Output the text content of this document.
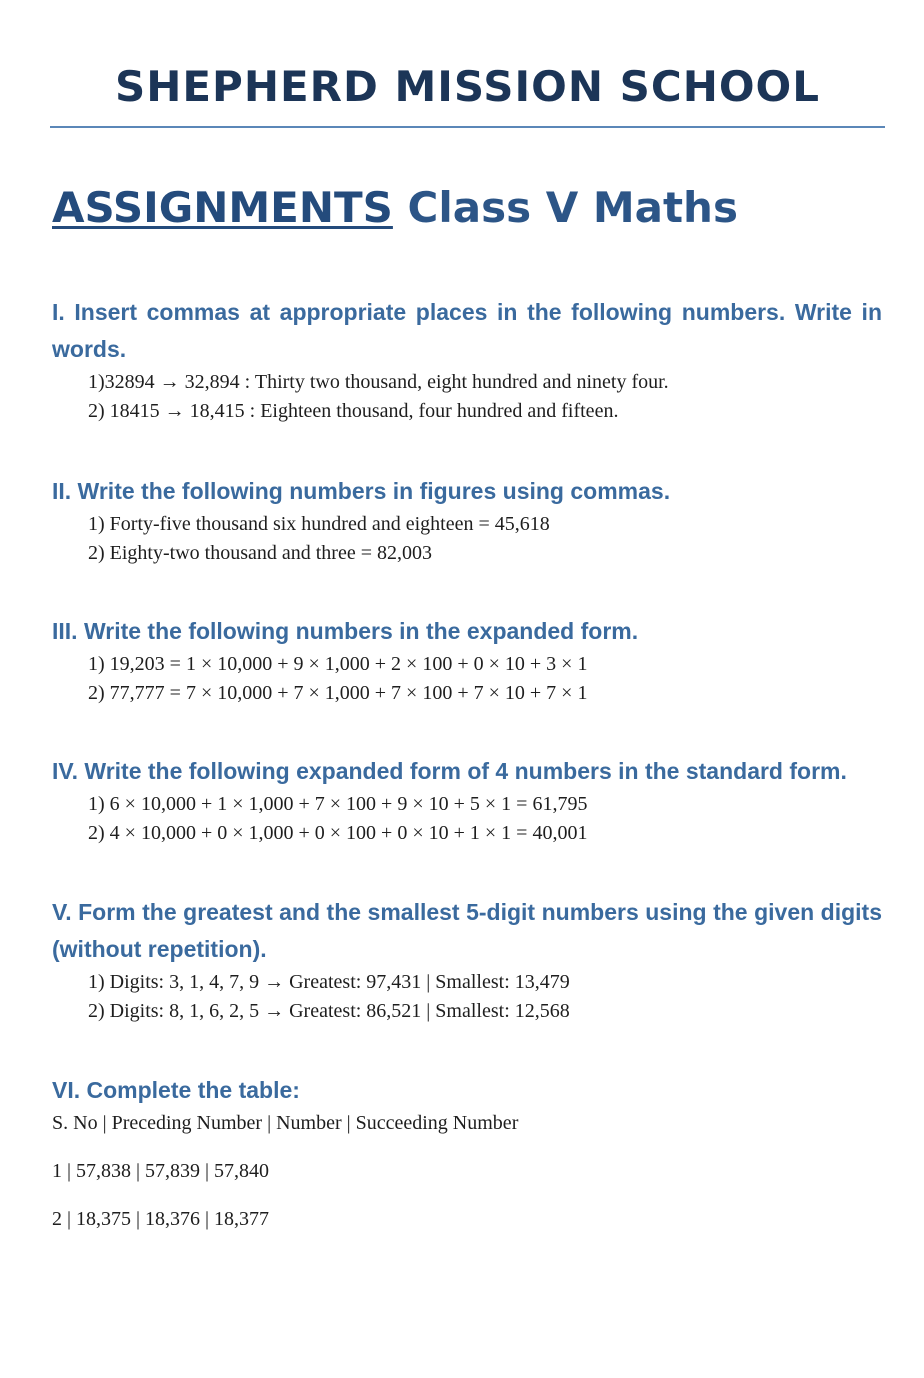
SHEPHERD MISSION SCHOOL
ASSIGNMENTS Class V Maths

I. Insert commas at appropriate places in the following numbers. Write in words.

1)32894 → 32,894 : Thirty two thousand, eight hundred and ninety four.

2) 18415 → 18,415 : Eighteen thousand, four hundred and fifteen.

II. Write the following numbers in figures using commas.

1) Forty-five thousand six hundred and eighteen = 45,618

2) Eighty-two thousand and three = 82,003

III. Write the following numbers in the expanded form.

1) 19,203 = 1 × 10,000 + 9 × 1,000 + 2 × 100 + 0 × 10 + 3 × 1

2) 77,777 = 7 × 10,000 + 7 × 1,000 + 7 × 100 + 7 × 10 + 7 × 1

IV. Write the following expanded form of 4 numbers in the standard form.

1) 6 × 10,000 + 1 × 1,000 + 7 × 100 + 9 × 10 + 5 × 1 = 61,795

2) 4 × 10,000 + 0 × 1,000 + 0 × 100 + 0 × 10 + 1 × 1 = 40,001

V. Form the greatest and the smallest 5-digit numbers using the given digits (without repetition).

1) Digits: 3, 1, 4, 7, 9 → Greatest: 97,431 | Smallest: 13,479

2) Digits: 8, 1, 6, 2, 5 → Greatest: 86,521 | Smallest: 12,568

VI. Complete the table:

S. No | Preceding Number | Number | Succeeding Number

1 | 57,838 | 57,839 | 57,840

2 | 18,375 | 18,376 | 18,377
